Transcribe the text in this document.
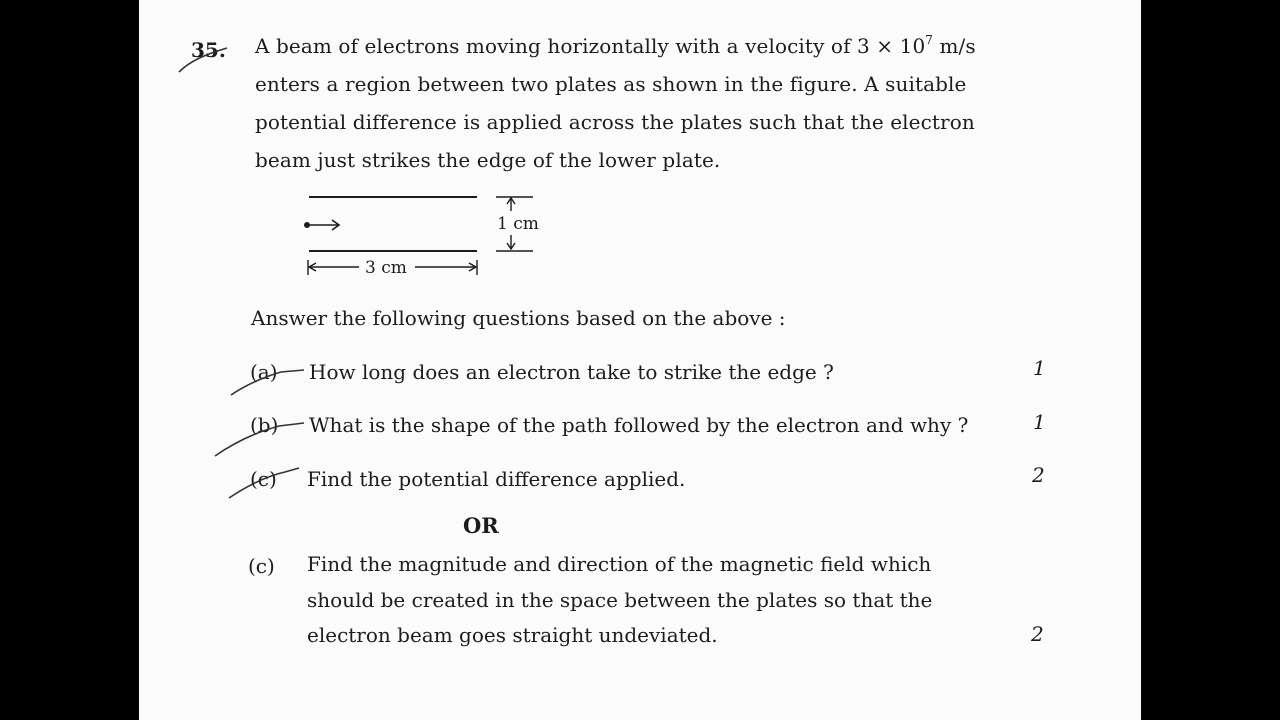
35. A beam of electrons moving horizontally with a velocity of $3 \times 10^7$ m/s
enters a region between two plates as shown in the figure. A suitable
potential difference is applied across the plates such that the electron
beam just strikes the edge of the lower plate.
1 cm
3 cm
Answer the following questions based on the above :
(a) How long does an electron take to strike the edge ?	1
(b) What is the shape of the path followed by the electron and why ?	1
(c) Find the potential difference applied.	2
OR
(c) Find the magnitude and direction of the magnetic field which
should be created in the space between the plates so that the
electron beam goes straight undeviated.	2
